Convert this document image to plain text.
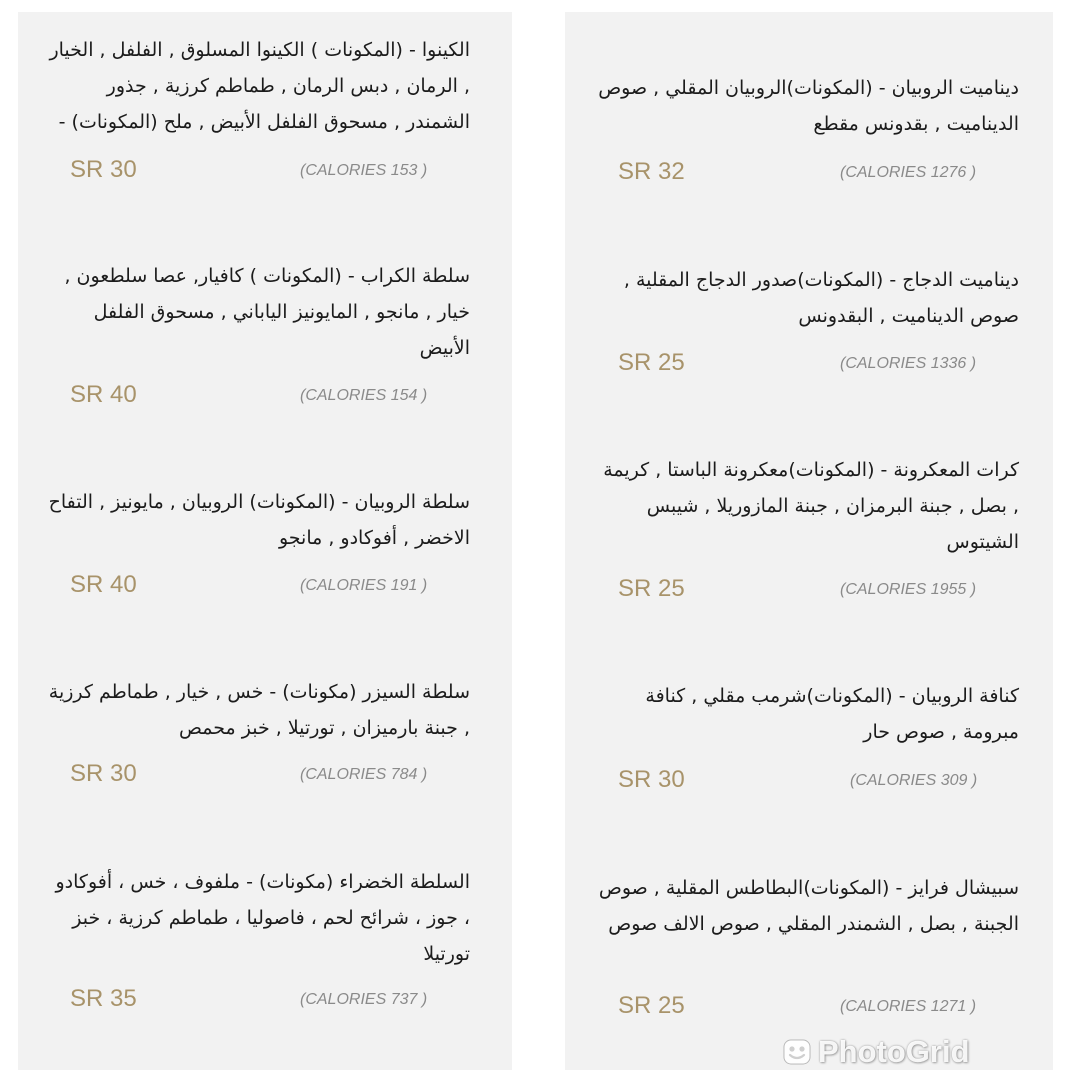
الكينوا - (المكونات ) الكينوا المسلوق , الفلفل , الخيار , الرمان , دبس الرمان , طماطم كرزية , جذور الشمندر , مسحوق الفلفل الأبيض , ملح (المكونات) -
(CALORIES 153 )
SR 30
سلطة الكراب - (المكونات ) كافيار, عصا سلطعون , خيار , مانجو , المايونيز الياباني , مسحوق الفلفل الأبيض
(CALORIES 154 )
SR 40
سلطة الروبيان - (المكونات) الروبيان , مايونيز , التفاح الاخضر , أفوكادو , مانجو
(CALORIES 191 )
SR 40
سلطة السيزر (مكونات) - خس , خيار , طماطم كرزية , جبنة بارميزان , تورتيلا , خبز محمص
(CALORIES 784 )
SR 30
السلطة الخضراء (مكونات) - ملفوف ، خس ، أفوكادو ، جوز ، شرائح لحم ، فاصوليا ، طماطم كرزية ، خبز تورتيلا
(CALORIES 737 )
SR 35
ديناميت الروبيان - (المكونات)الروبيان المقلي , صوص الديناميت , بقدونس مقطع
(CALORIES 1276 )
SR 32
ديناميت الدجاج - (المكونات)صدور الدجاج المقلية , صوص الديناميت , البقدونس
(CALORIES 1336 )
SR 25
كرات المعكرونة - (المكونات)معكرونة الباستا , كريمة , بصل , جبنة البرمزان , جبنة المازوريلا , شيبس الشيتوس
(CALORIES 1955 )
SR 25
كنافة الروبيان - (المكونات)شرمب مقلي , كنافة مبرومة , صوص حار
(CALORIES 309 )
SR 30
سبيشال فرايز - (المكونات)البطاطس المقلية , صوص الجبنة , بصل , الشمندر المقلي , صوص الالف صوص
(CALORIES 1271 )
SR 25
PhotoGrid
